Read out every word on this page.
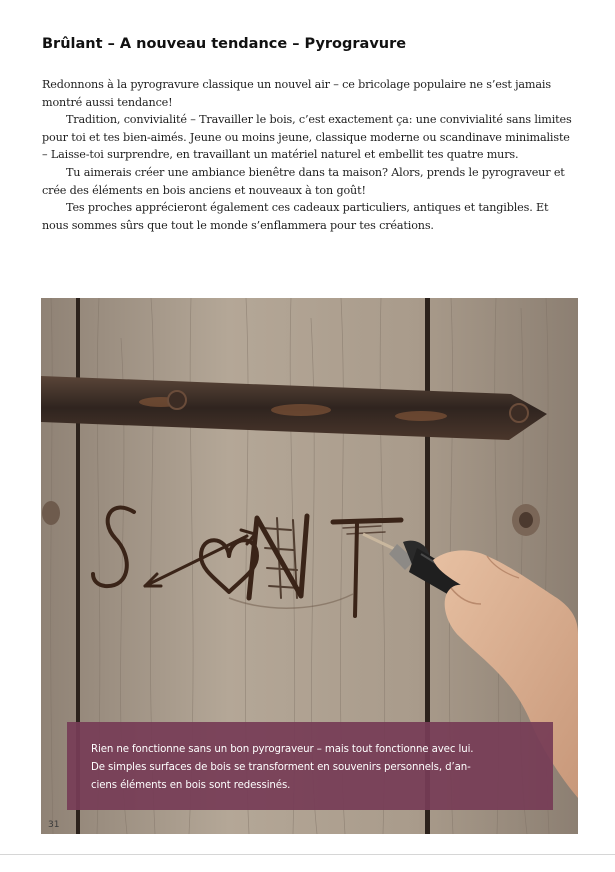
Brûlant – A nouveau tendance – Pyrogravure

Redonnons à la pyrogravure classique un nouvel air – ce bricolage populaire ne s’est jamais montré aussi tendance!

Tradition, convivialité – Travailler le bois, c’est exactement ça: une convivialité sans limites pour toi et tes bien-aimés. Jeune ou moins jeune, classique moderne ou scandinave minimaliste – Laisse-toi surprendre, en travaillant un matériel naturel et embellit tes quatre murs.

Tu aimerais créer une ambiance bienêtre dans ta maison? Alors, prends le pyrograveur et crée des éléments en bois anciens et nouveaux à ton goût!

Tes proches apprécieront également ces cadeaux particuliers, antiques et tangibles. Et nous sommes sûrs que tout le monde s’enflammera pour tes créations.

Rien ne fonctionne sans un bon pyrograveur – mais tout fonctionne avec lui.

De simples surfaces de bois se transforment en souvenirs personnels, d’an-

ciens éléments en bois sont redessinés.

31
